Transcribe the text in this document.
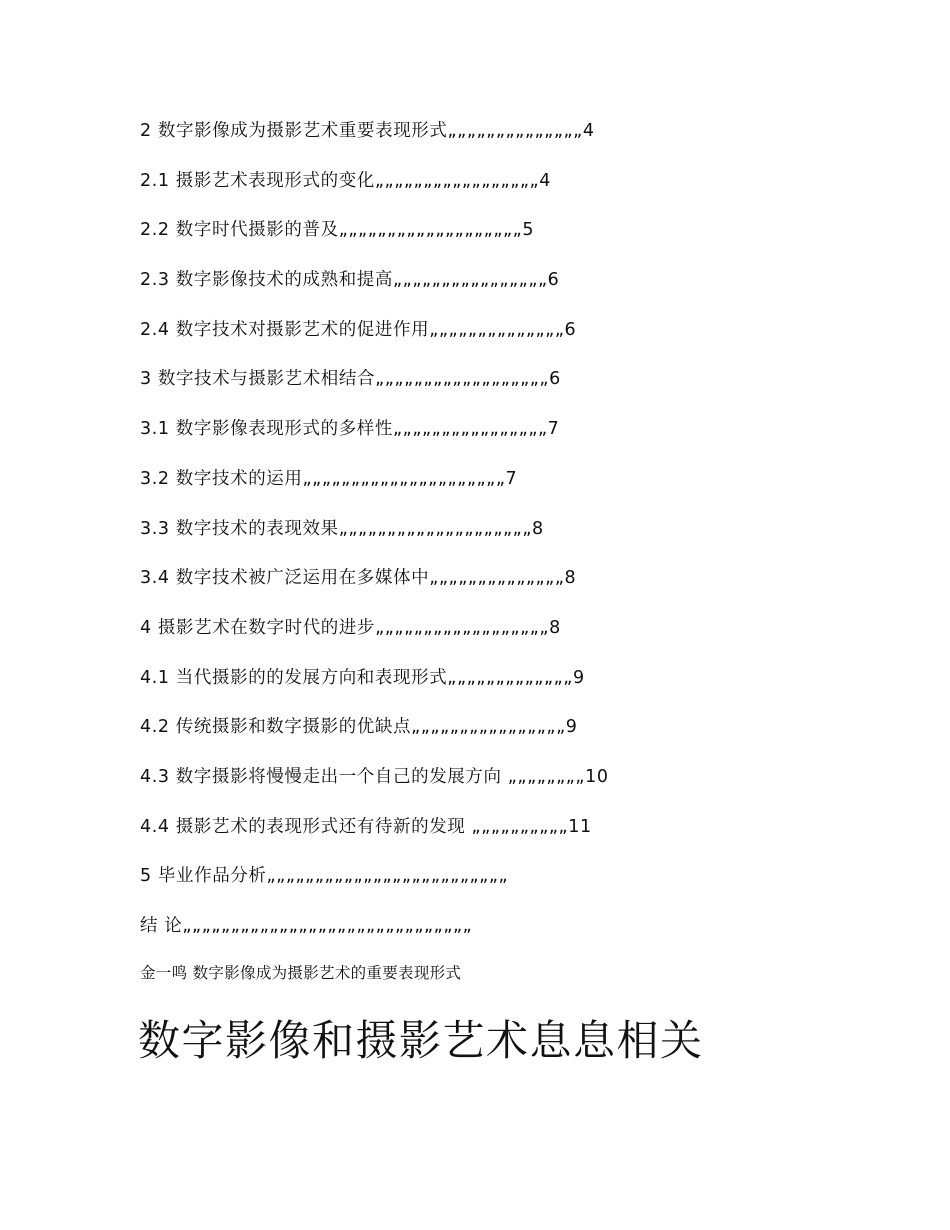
2 数字影像成为摄影艺术重要表现形式„„„„„„„„„„„„„„4
2.1 摄影艺术表现形式的变化„„„„„„„„„„„„„„„„„4
2.2 数字时代摄影的普及„„„„„„„„„„„„„„„„„„„5
2.3 数字影像技术的成熟和提高„„„„„„„„„„„„„„„„6
2.4 数字技术对摄影艺术的促进作用„„„„„„„„„„„„„„6
3 数字技术与摄影艺术相结合„„„„„„„„„„„„„„„„„„6
3.1 数字影像表现形式的多样性„„„„„„„„„„„„„„„„7
3.2 数字技术的运用„„„„„„„„„„„„„„„„„„„„„7
3.3 数字技术的表现效果„„„„„„„„„„„„„„„„„„„„8
3.4 数字技术被广泛运用在多媒体中„„„„„„„„„„„„„„8
4 摄影艺术在数字时代的进步„„„„„„„„„„„„„„„„„„8
4.1 当代摄影的的发展方向和表现形式„„„„„„„„„„„„„9
4.2 传统摄影和数字摄影的优缺点„„„„„„„„„„„„„„„„9
4.3 数字摄影将慢慢走出一个自己的发展方向 „„„„„„„„10
4.4 摄影艺术的表现形式还有待新的发现 „„„„„„„„„„11
5 毕业作品分析„„„„„„„„„„„„„„„„„„„„„„„„„
结 论„„„„„„„„„„„„„„„„„„„„„„„„„„„„„„
金一鸣 数字影像成为摄影艺术的重要表现形式
数字影像和摄影艺术息息相关
